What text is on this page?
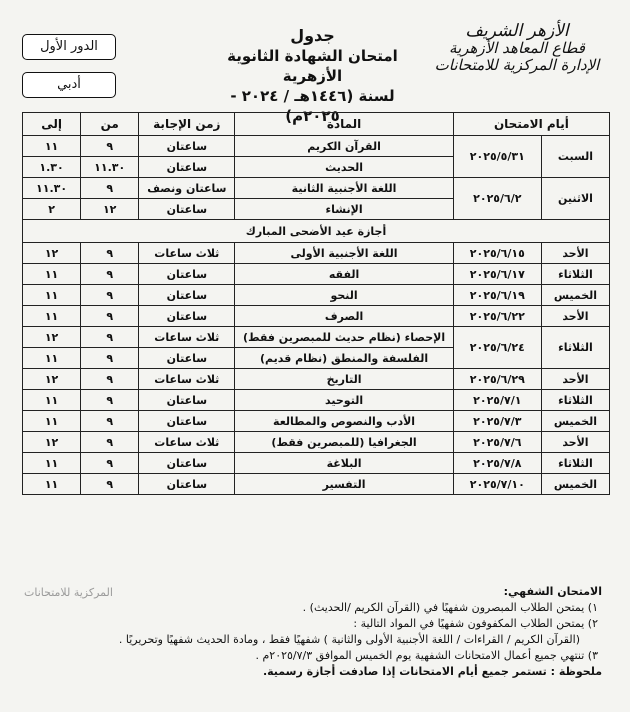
الأزهر الشريف
قطاع المعاهد الأزهرية
الإدارة المركزية للامتحانات
جدول
امتحان الشهادة الثانوية الأزهرية
لسنة (١٤٤٦هـ / ٢٠٢٤ - ٢٠٢٥م)
الدور الأول
أدبي
أيام الامتحان		المادة	زمن الإجابة	من	إلى
السبت	٢٠٢٥/٥/٣١	القرآن الكريم	ساعتان	٩	١١
		الحديث	ساعتان	١١.٣٠	١.٣٠
الاثنين	٢٠٢٥/٦/٢	اللغة الأجنبية الثانية	ساعتان ونصف	٩	١١.٣٠
		الإنشاء	ساعتان	١٢	٢
أجازة عيد الأضحى المبارك					
الأحد	٢٠٢٥/٦/١٥	اللغة الأجنبية الأولى	ثلاث ساعات	٩	١٢
الثلاثاء	٢٠٢٥/٦/١٧	الفقه	ساعتان	٩	١١
الخميس	٢٠٢٥/٦/١٩	النحو	ساعتان	٩	١١
الأحد	٢٠٢٥/٦/٢٢	الصرف	ساعتان	٩	١١
الثلاثاء	٢٠٢٥/٦/٢٤	الإحصاء (نظام حديث للمبصرين فقط)	ثلاث ساعات	٩	١٢
		الفلسفة والمنطق (نظام قديم)	ساعتان	٩	١١
الأحد	٢٠٢٥/٦/٢٩	التاريخ	ثلاث ساعات	٩	١٢
الثلاثاء	٢٠٢٥/٧/١	التوحيد	ساعتان	٩	١١
الخميس	٢٠٢٥/٧/٣	الأدب والنصوص والمطالعة	ساعتان	٩	١١
الأحد	٢٠٢٥/٧/٦	الجغرافيا (للمبصرين فقط)	ثلاث ساعات	٩	١٢
الثلاثاء	٢٠٢٥/٧/٨	البلاغة	ساعتان	٩	١١
الخميس	٢٠٢٥/٧/١٠	التفسير	ساعتان	٩	١١
المركزية للامتحانات	الامتحان الشفهي:
١) يمتحن الطلاب المبصرون شفهيًا في (القرآن الكريم /الحديث) .
٢) يمتحن الطلاب المكفوفون شفهيًا في المواد التالية :
(القرآن الكريم / القراءات / اللغة الأجنبية الأولى والثانية ) شفهيًا فقط ، ومادة الحديث شفهيًا وتحريريًا .
٣) تنتهي جميع أعمال الامتحانات الشفهية يوم الخميس الموافق ٢٠٢٥/٧/٣م .
ملحوظة : تستمر جميع أيام الامتحانات إذا صادفت أجازة رسمية.
